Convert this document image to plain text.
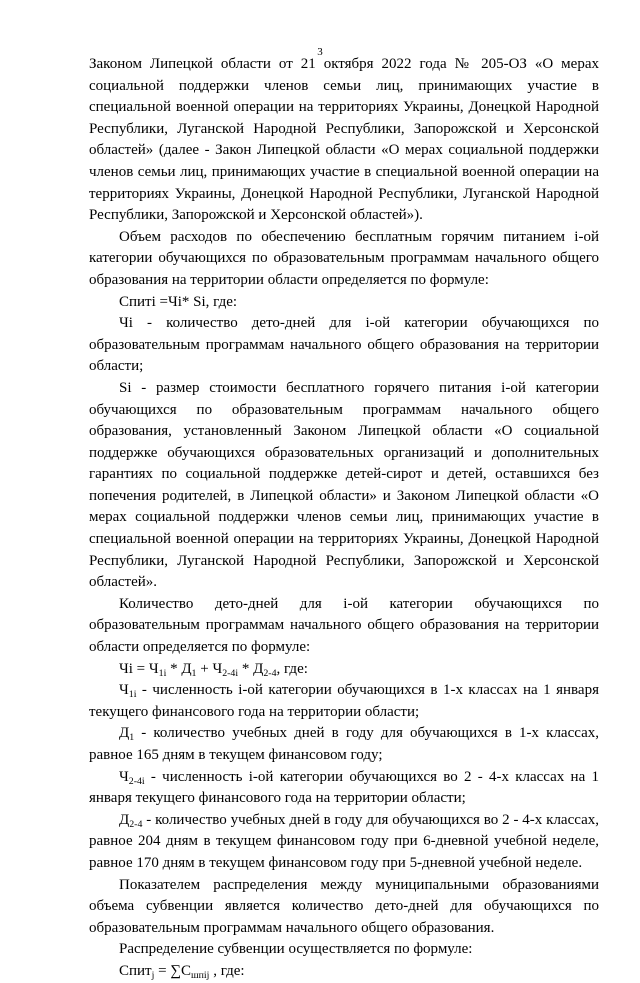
3

Законом Липецкой области от 21 октября 2022 года № 205-ОЗ «О мерах социальной поддержки членов семьи лиц, принимающих участие в специальной военной операции на территориях Украины, Донецкой Народной Республики, Луганской Народной Республики, Запорожской и Херсонской областей» (далее - Закон Липецкой области «О мерах социальной поддержки членов семьи лиц, принимающих участие в специальной военной операции на территориях Украины, Донецкой Народной Республики, Луганской Народной Республики, Запорожской и Херсонской областей»).

Объем расходов по обеспечению бесплатным горячим питанием i-ой категории обучающихся по образовательным программам начального общего образования на территории области определяется по формуле:

Спиті =Чі* Si, где:

Чі - количество дето-дней для i-ой категории обучающихся по образовательным программам начального общего образования на территории области;

Si - размер стоимости бесплатного горячего питания i-ой категории обучающихся по образовательным программам начального общего образования, установленный Законом Липецкой области «О социальной поддержке обучающихся образовательных организаций и дополнительных гарантиях по социальной поддержке детей-сирот и детей, оставшихся без попечения родителей, в Липецкой области» и Законом Липецкой области «О мерах социальной поддержки членов семьи лиц, принимающих участие в специальной военной операции на территориях Украины, Донецкой Народной Республики, Луганской Народной Республики, Запорожской и Херсонской областей».

Количество дето-дней для i-ой категории обучающихся по образовательным программам начального общего образования на территории области определяется по формуле:

Чі = $Ч_{1i} * Д_1 + Ч_{2-4i} * Д_{2-4}$, где:

$Ч_{1i}$ - численность i-ой категории обучающихся в 1-х классах на 1 января текущего финансового года на территории области;

$Д_1$ - количество учебных дней в году для обучающихся в 1-х классах, равное 165 дням в текущем финансовом году;

$Ч_{2-4i}$ - численность i-ой категории обучающихся во 2 - 4-х классах на 1 января текущего финансового года на территории области;

$Д_{2-4}$ - количество учебных дней в году для обучающихся во 2 - 4-х классах, равное 204 дням в текущем финансовом году при 6-дневной учебной неделе, равное 170 дням в текущем финансовом году при 5-дневной учебной неделе.

Показателем распределения между муниципальными образованиями объема субвенции является количество дето-дней для обучающихся по образовательным программам начального общего образования.

Распределение субвенции осуществляется по формуле:

Спит$_j$ = $\sum С_{шпij}$ , где:
